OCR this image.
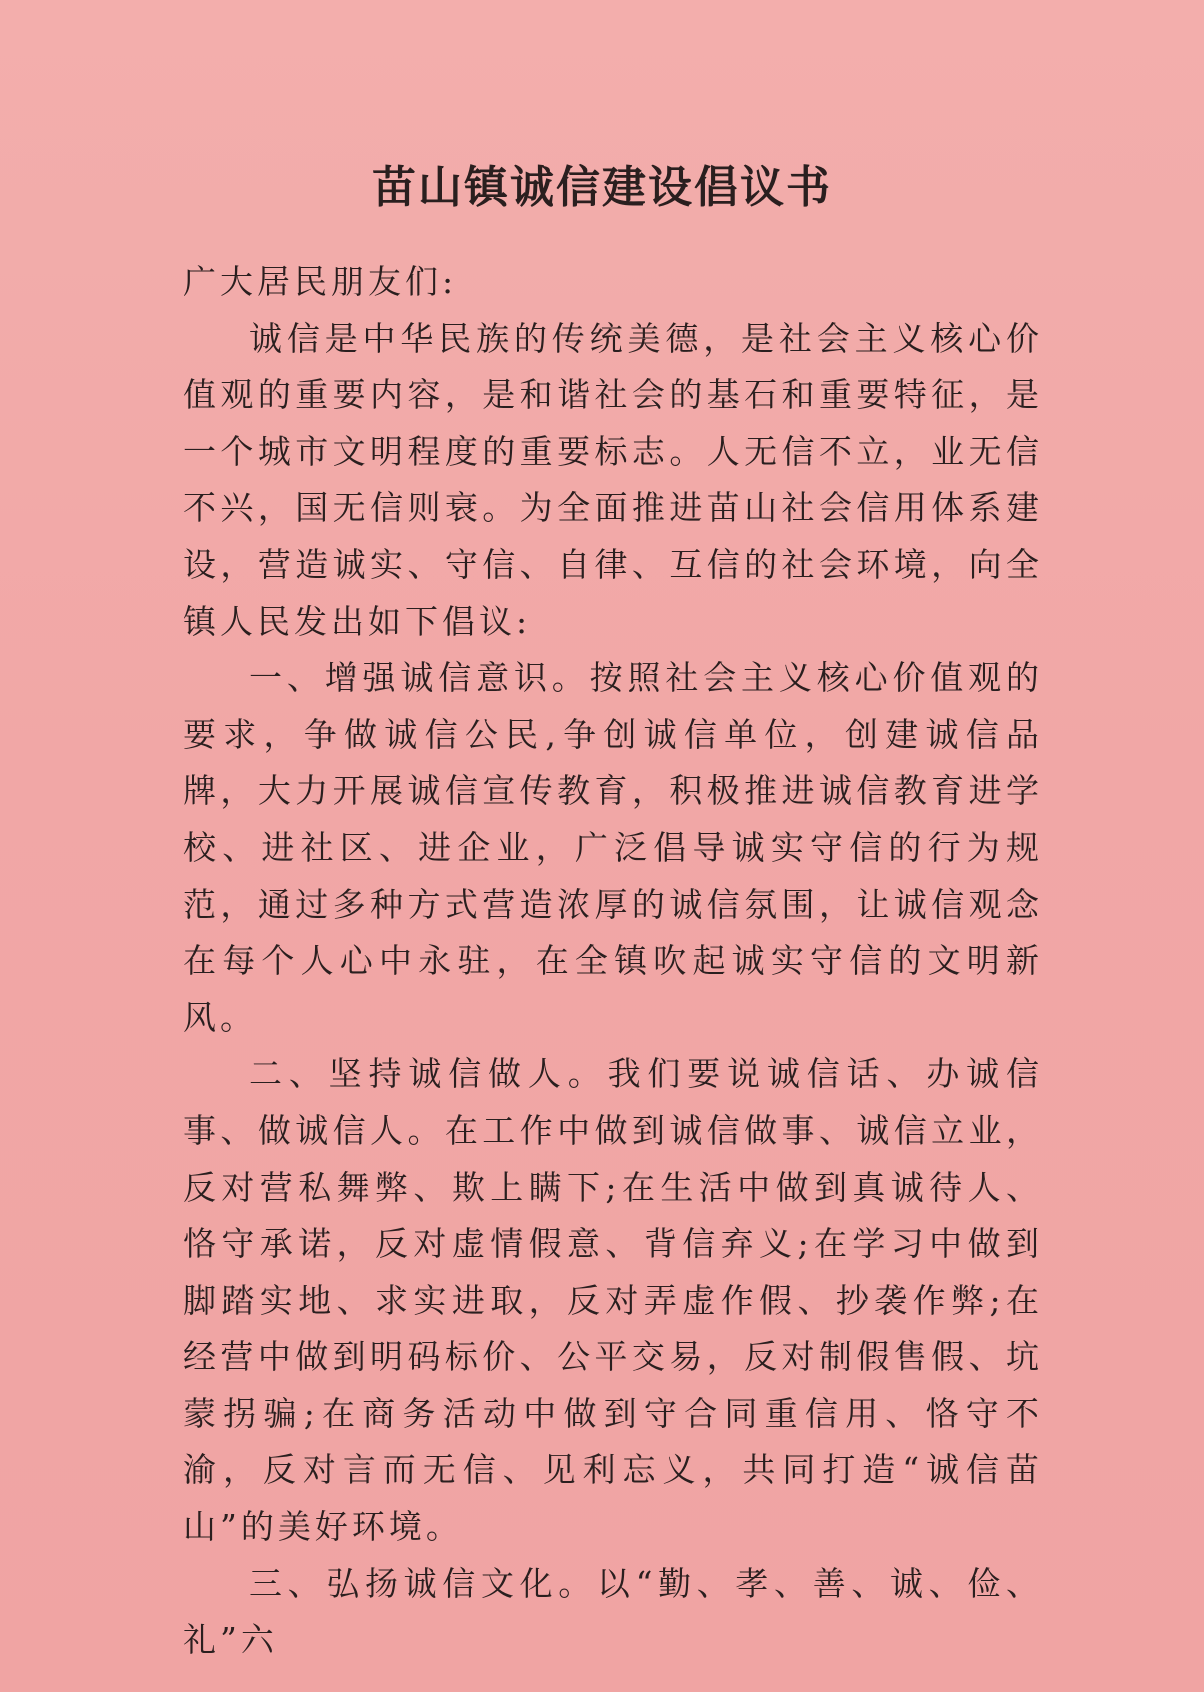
苗山镇诚信建设倡议书

广大居民朋友们:

诚信是中华民族的传统美德，是社会主义核心价值观的重要内容，是和谐社会的基石和重要特征，是一个城市文明程度的重要标志。人无信不立，业无信不兴，国无信则衰。为全面推进苗山社会信用体系建设，营造诚实、守信、自律、互信的社会环境，向全镇人民发出如下倡议:

一、增强诚信意识。按照社会主义核心价值观的要求，争做诚信公民,争创诚信单位，创建诚信品牌，大力开展诚信宣传教育，积极推进诚信教育进学校、进社区、进企业，广泛倡导诚实守信的行为规范，通过多种方式营造浓厚的诚信氛围，让诚信观念在每个人心中永驻，在全镇吹起诚实守信的文明新风。

二、坚持诚信做人。我们要说诚信话、办诚信事、做诚信人。在工作中做到诚信做事、诚信立业，反对营私舞弊、欺上瞒下;在生活中做到真诚待人、恪守承诺，反对虚情假意、背信弃义;在学习中做到脚踏实地、求实进取，反对弄虚作假、抄袭作弊;在经营中做到明码标价、公平交易，反对制假售假、坑蒙拐骗;在商务活动中做到守合同重信用、恪守不渝，反对言而无信、见利忘义，共同打造“诚信苗山”的美好环境。

三、弘扬诚信文化。以“勤、孝、善、诚、俭、礼”六
